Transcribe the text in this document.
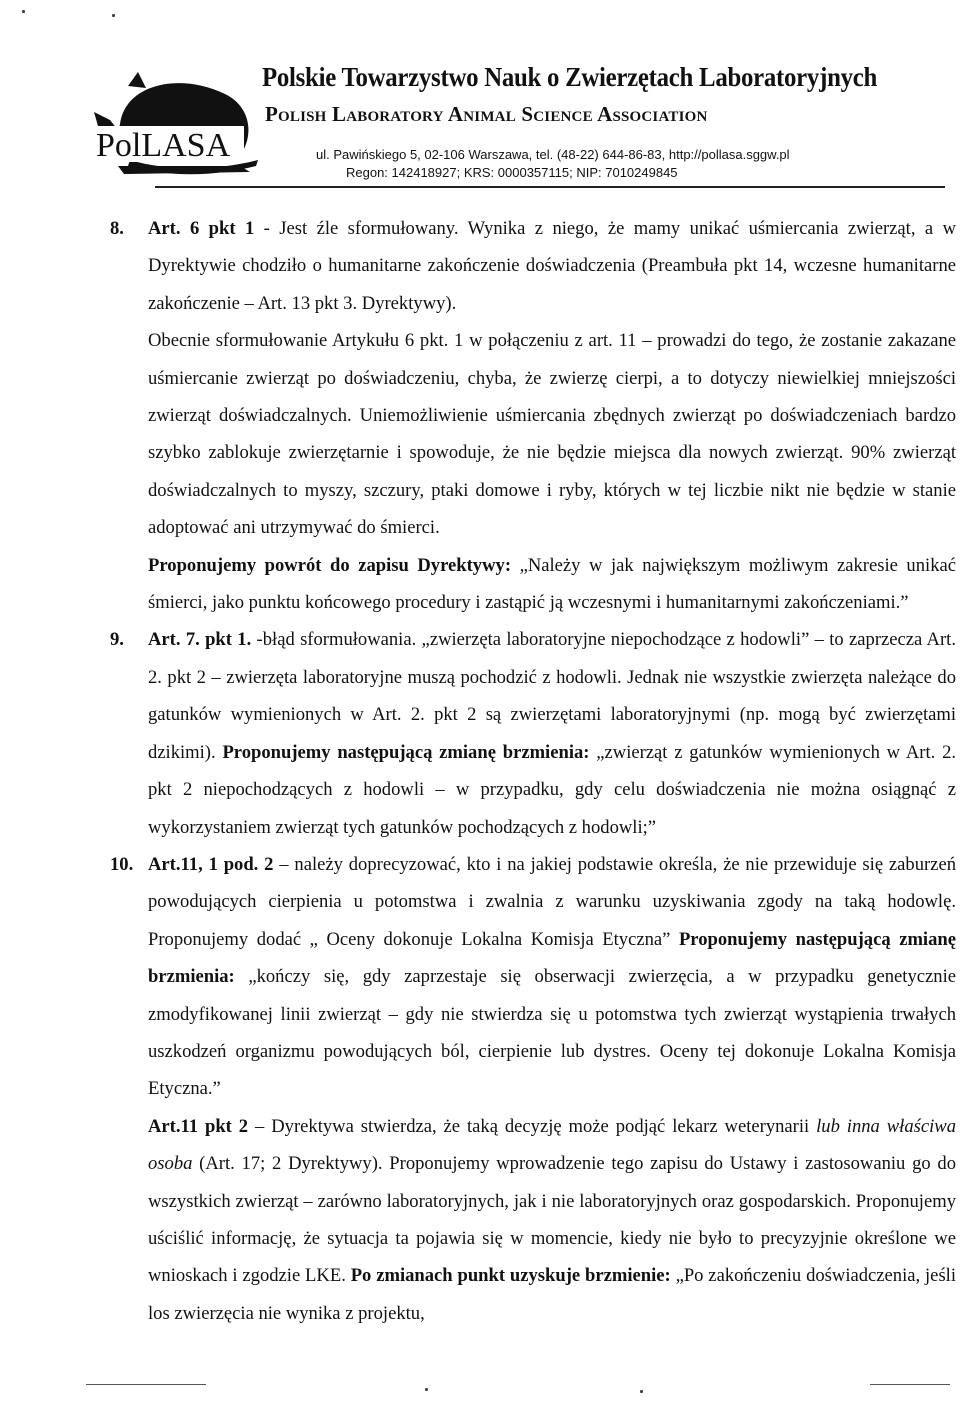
PolLASA
Polskie Towarzystwo Nauk o Zwierzętach Laboratoryjnych
Polish Laboratory Animal Science Association
ul. Pawińskiego 5, 02-106 Warszawa, tel. (48-22) 644-86-83, http://pollasa.sggw.pl
Regon: 142418927; KRS: 0000357115; NIP: 7010249845

8. Art. 6 pkt 1 - Jest źle sformułowany. Wynika z niego, że mamy unikać uśmiercania zwierząt, a w Dyrektywie chodziło o humanitarne zakończenie doświadczenia (Preambuła pkt 14, wczesne humanitarne zakończenie – Art. 13 pkt 3. Dyrektywy).

Obecnie sformułowanie Artykułu 6 pkt. 1 w połączeniu z art. 11 – prowadzi do tego, że zostanie zakazane uśmiercanie zwierząt po doświadczeniu, chyba, że zwierzę cierpi, a to dotyczy niewielkiej mniejszości zwierząt doświadczalnych. Uniemożliwienie uśmiercania zbędnych zwierząt po doświadczeniach bardzo szybko zablokuje zwierzętarnie i spowoduje, że nie będzie miejsca dla nowych zwierząt. 90% zwierząt doświadczalnych to myszy, szczury, ptaki domowe i ryby, których w tej liczbie nikt nie będzie w stanie adoptować ani utrzymywać do śmierci.

Proponujemy powrót do zapisu Dyrektywy: „Należy w jak największym możliwym zakresie unikać śmierci, jako punktu końcowego procedury i zastąpić ją wczesnymi i humanitarnymi zakończeniami.”

9. Art. 7. pkt 1. -błąd sformułowania. „zwierzęta laboratoryjne niepochodzące z hodowli” – to zaprzecza Art. 2. pkt 2 – zwierzęta laboratoryjne muszą pochodzić z hodowli. Jednak nie wszystkie zwierzęta należące do gatunków wymienionych w Art. 2. pkt 2 są zwierzętami laboratoryjnymi (np. mogą być zwierzętami dzikimi). Proponujemy następującą zmianę brzmienia: „zwierząt z gatunków wymienionych w Art. 2. pkt 2 niepochodzących z hodowli – w przypadku, gdy celu doświadczenia nie można osiągnąć z wykorzystaniem zwierząt tych gatunków pochodzących z hodowli;”

10. Art.11, 1 pod. 2 – należy doprecyzować, kto i na jakiej podstawie określa, że nie przewiduje się zaburzeń powodujących cierpienia u potomstwa i zwalnia z warunku uzyskiwania zgody na taką hodowlę. Proponujemy dodać „ Oceny dokonuje Lokalna Komisja Etyczna” Proponujemy następującą zmianę brzmienia: „kończy się, gdy zaprzestaje się obserwacji zwierzęcia, a w przypadku genetycznie zmodyfikowanej linii zwierząt – gdy nie stwierdza się u potomstwa tych zwierząt wystąpienia trwałych uszkodzeń organizmu powodujących ból, cierpienie lub dystres. Oceny tej dokonuje Lokalna Komisja Etyczna.”

Art.11 pkt 2 – Dyrektywa stwierdza, że taką decyzję może podjąć lekarz weterynarii lub inna właściwa osoba (Art. 17; 2 Dyrektywy). Proponujemy wprowadzenie tego zapisu do Ustawy i zastosowaniu go do wszystkich zwierząt – zarówno laboratoryjnych, jak i nie laboratoryjnych oraz gospodarskich. Proponujemy uściślić informację, że sytuacja ta pojawia się w momencie, kiedy nie było to precyzyjnie określone we wnioskach i zgodzie LKE. Po zmianach punkt uzyskuje brzmienie: „Po zakończeniu doświadczenia, jeśli los zwierzęcia nie wynika z projektu,
